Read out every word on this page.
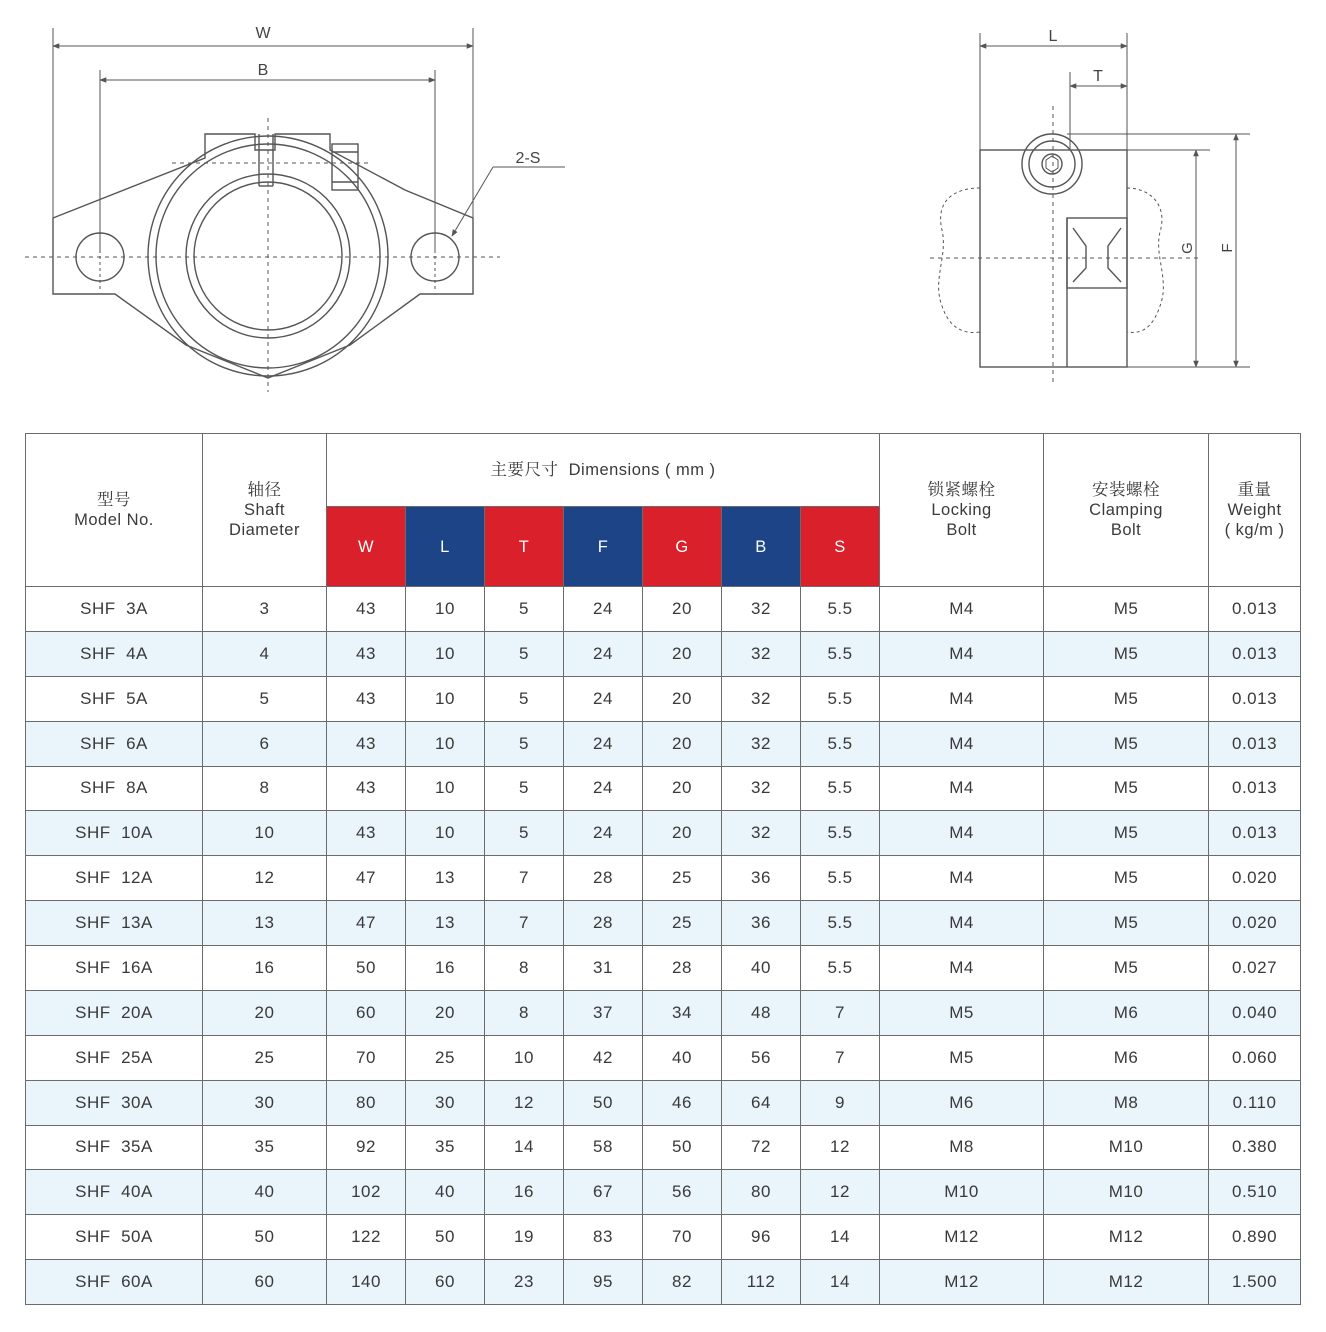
W
B
2-S
L
T
G F
型号
Model No.	轴径
Shaft
Diameter	主要尺寸  Dimensions ( mm )							锁紧螺栓
Locking
Bolt	安装螺栓
Clamping
Bolt	重量
Weight
( kg/m )

		W	L	T	F	G	B	S			
SHF  3A	3	43	10	5	24	20	32	5.5	M4	M5	0.013
SHF  4A	4	43	10	5	24	20	32	5.5	M4	M5	0.013
SHF  5A	5	43	10	5	24	20	32	5.5	M4	M5	0.013
SHF  6A	6	43	10	5	24	20	32	5.5	M4	M5	0.013
SHF  8A	8	43	10	5	24	20	32	5.5	M4	M5	0.013
SHF  10A	10	43	10	5	24	20	32	5.5	M4	M5	0.013
SHF  12A	12	47	13	7	28	25	36	5.5	M4	M5	0.020
SHF  13A	13	47	13	7	28	25	36	5.5	M4	M5	0.020
SHF  16A	16	50	16	8	31	28	40	5.5	M4	M5	0.027
SHF  20A	20	60	20	8	37	34	48	7	M5	M6	0.040
SHF  25A	25	70	25	10	42	40	56	7	M5	M6	0.060
SHF  30A	30	80	30	12	50	46	64	9	M6	M8	0.110
SHF  35A	35	92	35	14	58	50	72	12	M8	M10	0.380
SHF  40A	40	102	40	16	67	56	80	12	M10	M10	0.510
SHF  50A	50	122	50	19	83	70	96	14	M12	M12	0.890
SHF  60A	60	140	60	23	95	82	112	14	M12	M12	1.500
